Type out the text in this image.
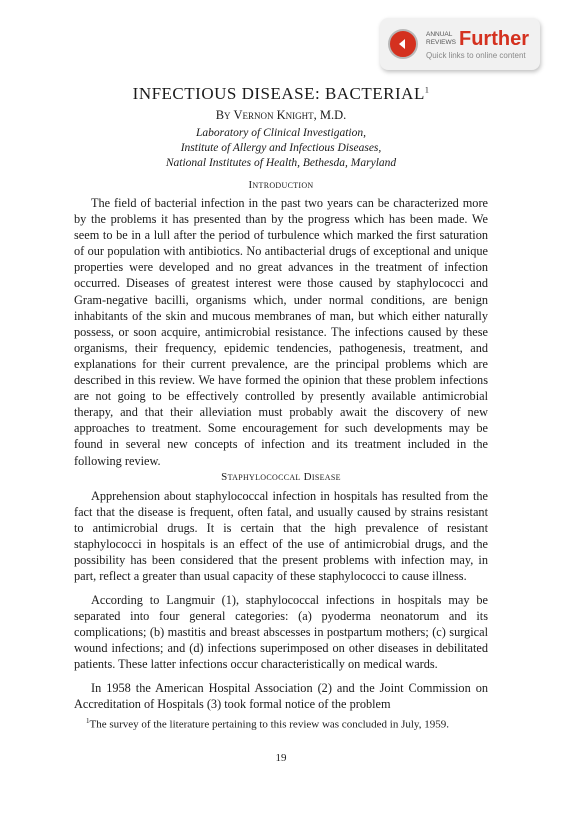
ANNUAL
REVIEWS Further
Quick links to online content
INFECTIOUS DISEASE: BACTERIAL$^1$
By Vernon Knight, M.D.
Laboratory of Clinical Investigation,
Institute of Allergy and Infectious Diseases,
National Institutes of Health, Bethesda, Maryland
Introduction

The field of bacterial infection in the past two years can be characterized more by the problems it has presented than by the progress which has been made. We seem to be in a lull after the period of turbulence which marked the first saturation of our population with antibiotics. No antibacterial drugs of exceptional and unique properties were developed and no great advances in the treatment of infection occurred. Diseases of greatest interest were those caused by staphylococci and Gram-negative bacilli, organisms which, under normal conditions, are benign inhabitants of the skin and mucous membranes of man, but which either naturally possess, or soon acquire, antimicrobial resistance. The infections caused by these organisms, their frequency, epidemic tendencies, pathogenesis, treatment, and explanations for their current prevalence, are the principal problems which are described in this review. We have formed the opinion that these problem infections are not going to be effectively controlled by presently available antimicrobial therapy, and that their alleviation must probably await the discovery of new approaches to treatment. Some encouragement for such developments may be found in several new concepts of infection and its treatment included in the following review.

Staphylococcal Disease

Apprehension about staphylococcal infection in hospitals has resulted from the fact that the disease is frequent, often fatal, and usually caused by strains resistant to antimicrobial drugs. It is certain that the high prevalence of resistant staphylococci in hospitals is an effect of the use of antimicrobial drugs, and the possibility has been considered that the present problems with infection may, in part, reflect a greater than usual capacity of these staphylococci to cause illness.

According to Langmuir (1), staphylococcal infections in hospitals may be separated into four general categories: (a) pyoderma neonatorum and its complications; (b) mastitis and breast abscesses in postpartum mothers; (c) surgical wound infections; and (d) infections superimposed on other diseases in debilitated patients. These latter infections occur characteristically on medical wards.

In 1958 the American Hospital Association (2) and the Joint Commission on Accreditation of Hospitals (3) took formal notice of the problem

$^1$The survey of the literature pertaining to this review was concluded in July, 1959.

19
